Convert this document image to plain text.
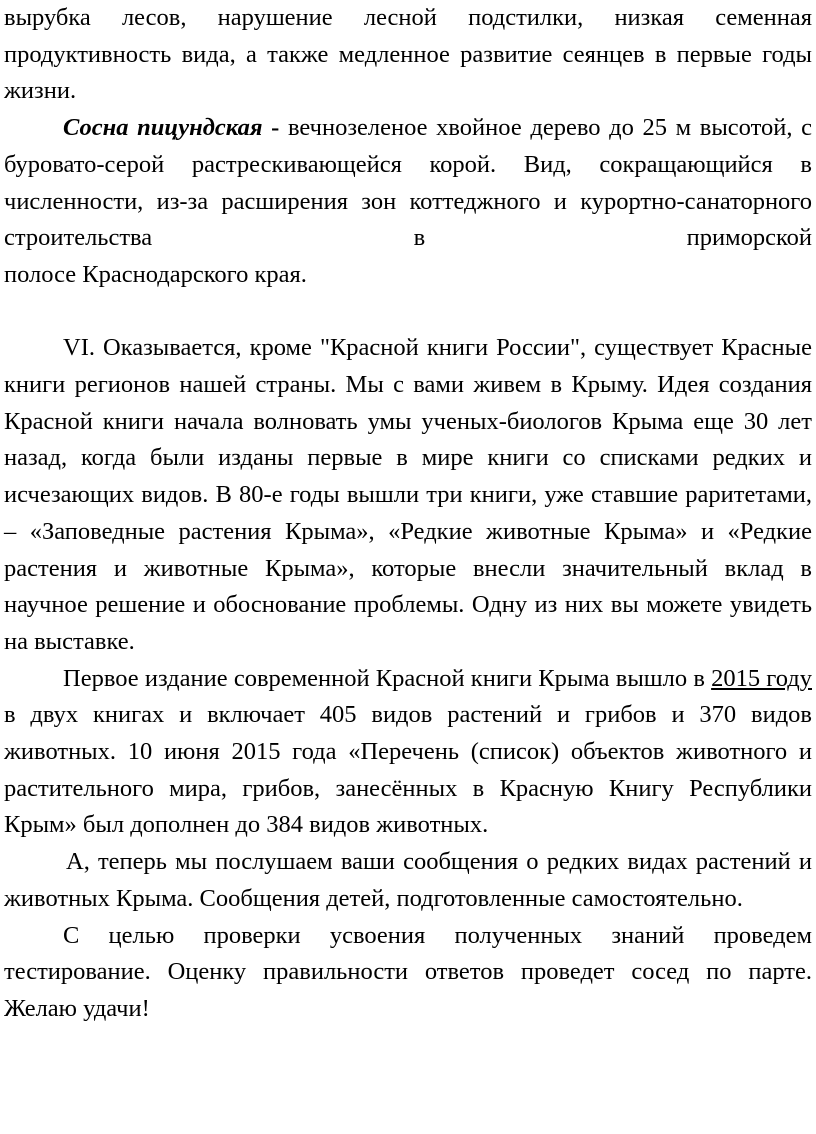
вырубка лесов, нарушение лесной подстилки, низкая семенная продуктивность вида, а также медленное развитие сеянцев в первые годы жизни.

Сосна пицундская - вечнозеленое хвойное дерево до 25 м высотой, с буровато-серой растрескивающейся корой. Вид, сокращающийся в численности, из-за расширения зон коттеджного и курортно-санаторного строительства в приморской

полосе Краснодарского края.

VI. Оказывается, кроме "Красной книги России", существует Красные книги регионов нашей страны. Мы с вами живем в Крыму. Идея создания Красной книги начала волновать умы ученых-биологов Крыма еще 30 лет назад, когда были изданы первые в мире книги со списками редких и исчезающих видов. В 80-е годы вышли три книги, уже ставшие раритетами, – «Заповедные растения Крыма», «Редкие животные Крыма» и «Редкие растения и животные Крыма», которые внесли значительный вклад в научное решение и обоснование проблемы. Одну из них вы можете увидеть на выставке.

Первое издание современной Красной книги Крыма вышло в 2015 году в двух книгах и включает 405 видов растений и грибов и 370 видов животных. 10 июня 2015 года «Перечень (список) объектов животного и растительного мира, грибов, занесённых в Красную Книгу Республики Крым» был дополнен до 384 видов животных.

А, теперь мы послушаем ваши сообщения о редких видах растений и животных Крыма. Сообщения детей, подготовленные самостоятельно.

С целью проверки усвоения полученных знаний проведем тестирование. Оценку правильности ответов проведет сосед по парте. Желаю удачи!
